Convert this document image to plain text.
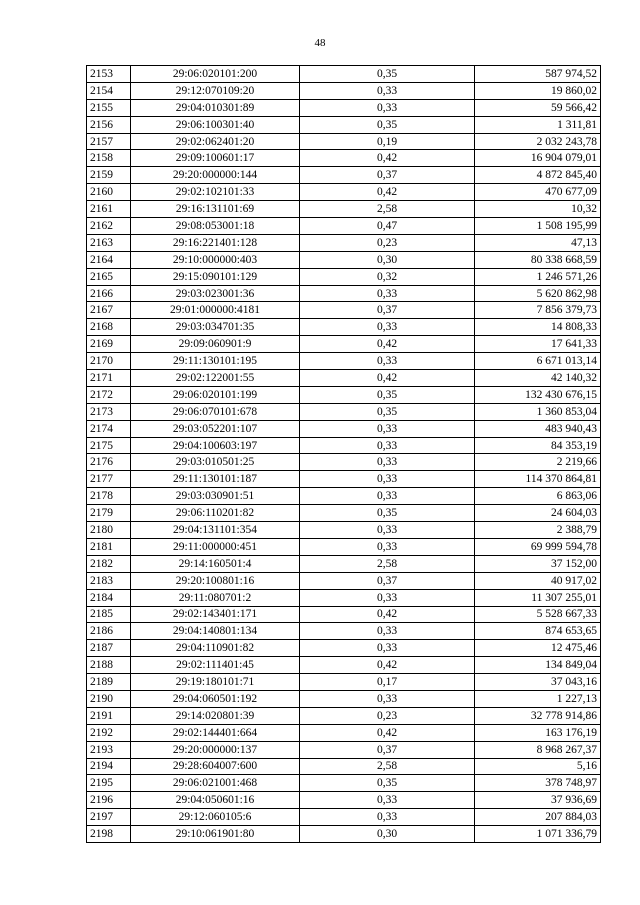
48
2153	29:06:020101:200	0,35	587 974,52
2154	29:12:070109:20	0,33	19 860,02
2155	29:04:010301:89	0,33	59 566,42
2156	29:06:100301:40	0,35	1 311,81
2157	29:02:062401:20	0,19	2 032 243,78
2158	29:09:100601:17	0,42	16 904 079,01
2159	29:20:000000:144	0,37	4 872 845,40
2160	29:02:102101:33	0,42	470 677,09
2161	29:16:131101:69	2,58	10,32
2162	29:08:053001:18	0,47	1 508 195,99
2163	29:16:221401:128	0,23	47,13
2164	29:10:000000:403	0,30	80 338 668,59
2165	29:15:090101:129	0,32	1 246 571,26
2166	29:03:023001:36	0,33	5 620 862,98
2167	29:01:000000:4181	0,37	7 856 379,73
2168	29:03:034701:35	0,33	14 808,33
2169	29:09:060901:9	0,42	17 641,33
2170	29:11:130101:195	0,33	6 671 013,14
2171	29:02:122001:55	0,42	42 140,32
2172	29:06:020101:199	0,35	132 430 676,15
2173	29:06:070101:678	0,35	1 360 853,04
2174	29:03:052201:107	0,33	483 940,43
2175	29:04:100603:197	0,33	84 353,19
2176	29:03:010501:25	0,33	2 219,66
2177	29:11:130101:187	0,33	114 370 864,81
2178	29:03:030901:51	0,33	6 863,06
2179	29:06:110201:82	0,35	24 604,03
2180	29:04:131101:354	0,33	2 388,79
2181	29:11:000000:451	0,33	69 999 594,78
2182	29:14:160501:4	2,58	37 152,00
2183	29:20:100801:16	0,37	40 917,02
2184	29:11:080701:2	0,33	11 307 255,01
2185	29:02:143401:171	0,42	5 528 667,33
2186	29:04:140801:134	0,33	874 653,65
2187	29:04:110901:82	0,33	12 475,46
2188	29:02:111401:45	0,42	134 849,04
2189	29:19:180101:71	0,17	37 043,16
2190	29:04:060501:192	0,33	1 227,13
2191	29:14:020801:39	0,23	32 778 914,86
2192	29:02:144401:664	0,42	163 176,19
2193	29:20:000000:137	0,37	8 968 267,37
2194	29:28:604007:600	2,58	5,16
2195	29:06:021001:468	0,35	378 748,97
2196	29:04:050601:16	0,33	37 936,69
2197	29:12:060105:6	0,33	207 884,03
2198	29:10:061901:80	0,30	1 071 336,79
